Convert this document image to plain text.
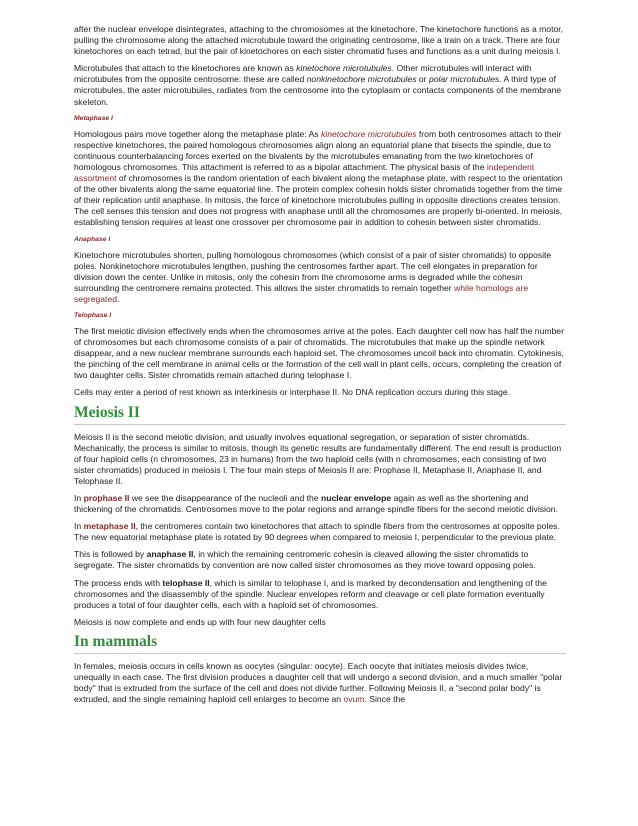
after the nuclear envelope disintegrates, attaching to the chromosomes at the kinetochore. The kinetochore functions as a motor, pulling the chromosome along the attached microtubule toward the originating centrosome, like a train on a track. There are four kinetochores on each tetrad, but the pair of kinetochores on each sister chromatid fuses and functions as a unit during meiosis I.

Microtubules that attach to the kinetochores are known as kinetochore microtubules. Other microtubules will interact with microtubules from the opposite centrosome: these are called nonkinetochore microtubules or polar microtubules. A third type of microtubules, the aster microtubules, radiates from the centrosome into the cytoplasm or contacts components of the membrane skeleton.

Metaphase I

Homologous pairs move together along the metaphase plate: As kinetochore microtubules from both centrosomes attach to their respective kinetochores, the paired homologous chromosomes align along an equatorial plane that bisects the spindle, due to continuous counterbalancing forces exerted on the bivalents by the microtubules emanating from the two kinetochores of homologous chromosomes. This attachment is referred to as a bipolar attachment. The physical basis of the independent assortment of chromosomes is the random orientation of each bivalent along the metaphase plate, with respect to the orientation of the other bivalents along the same equatorial line. The protein complex cohesin holds sister chromatids together from the time of their replication until anaphase. In mitosis, the force of kinetochore microtubules pulling in opposite directions creates tension. The cell senses this tension and does not progress with anaphase until all the chromosomes are properly bi-oriented. In meiosis, establishing tension requires at least one crossover per chromosome pair in addition to cohesin between sister chromatids.

Anaphase I

Kinetochore microtubules shorten, pulling homologous chromosomes (which consist of a pair of sister chromatids) to opposite poles. Nonkinetochore microtubules lengthen, pushing the centrosomes farther apart. The cell elongates in preparation for division down the center. Unlike in mitosis, only the cohesin from the chromosome arms is degraded while the cohesin surrounding the centromere remains protected. This allows the sister chromatids to remain together while homologs are segregated.

Telophase I

The first meiotic division effectively ends when the chromosomes arrive at the poles. Each daughter cell now has half the number of chromosomes but each chromosome consists of a pair of chromatids. The microtubules that make up the spindle network disappear, and a new nuclear membrane surrounds each haploid set. The chromosomes uncoil back into chromatin. Cytokinesis, the pinching of the cell membrane in animal cells or the formation of the cell wall in plant cells, occurs, completing the creation of two daughter cells. Sister chromatids remain attached during telophase I.

Cells may enter a period of rest known as interkinesis or interphase II. No DNA replication occurs during this stage.

Meiosis II

Meiosis II is the second meiotic division, and usually involves equational segregation, or separation of sister chromatids. Mechanically, the process is similar to mitosis, though its genetic results are fundamentally different. The end result is production of four haploid cells (n chromosomes, 23 in humans) from the two haploid cells (with n chromosomes, each consisting of two sister chromatids) produced in meiosis I. The four main steps of Meiosis II are: Prophase II, Metaphase II, Anaphase II, and Telophase II.

In prophase II we see the disappearance of the nucleoli and the nuclear envelope again as well as the shortening and thickening of the chromatids. Centrosomes move to the polar regions and arrange spindle fibers for the second meiotic division.

In metaphase II, the centromeres contain two kinetochores that attach to spindle fibers from the centrosomes at opposite poles. The new equatorial metaphase plate is rotated by 90 degrees when compared to meiosis I, perpendicular to the previous plate.

This is followed by anaphase II, in which the remaining centromeric cohesin is cleaved allowing the sister chromatids to segregate. The sister chromatids by convention are now called sister chromosomes as they move toward opposing poles.

The process ends with telophase II, which is similar to telophase I, and is marked by decondensation and lengthening of the chromosomes and the disassembly of the spindle. Nuclear envelopes reform and cleavage or cell plate formation eventually produces a total of four daughter cells, each with a haploid set of chromosomes.

Meiosis is now complete and ends up with four new daughter cells

In mammals

In females, meiosis occurs in cells known as oocytes (singular: oocyte). Each oocyte that initiates meiosis divides twice, unequally in each case. The first division produces a daughter cell that will undergo a second division, and a much smaller "polar body" that is extruded from the surface of the cell and does not divide further. Following Meiosis II, a "second polar body" is extruded, and the single remaining haploid cell enlarges to become an ovum. Since the
